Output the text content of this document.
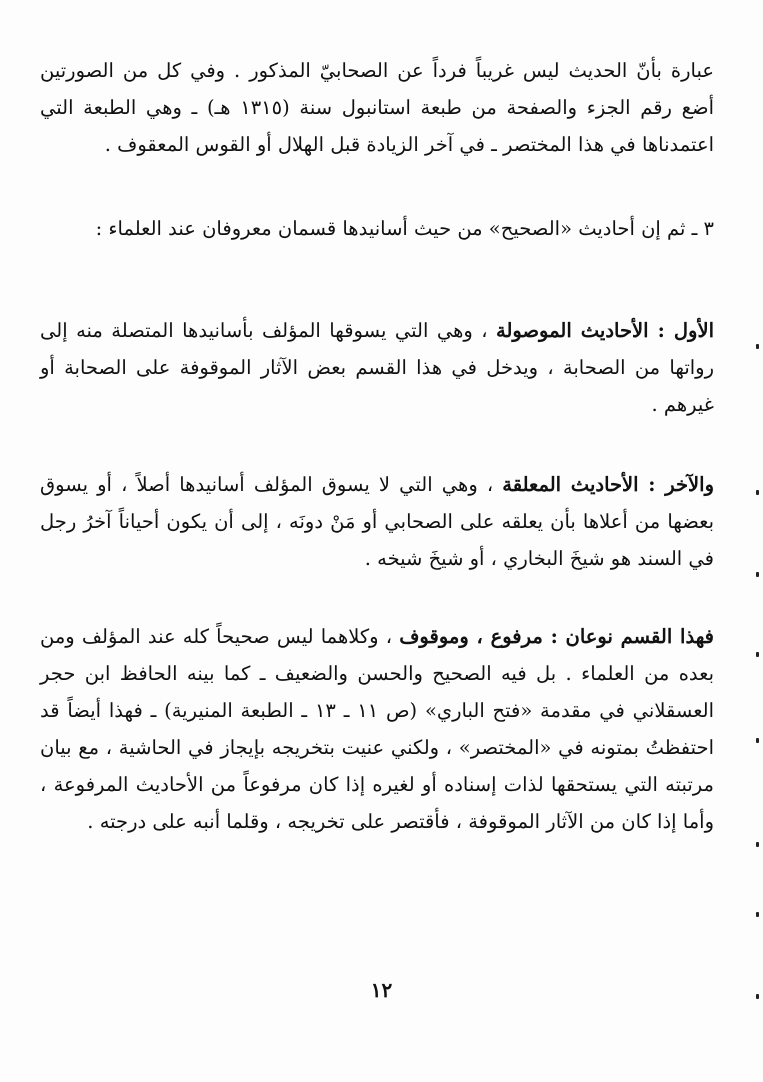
عبارة بأنّ الحديث ليس غريباً فرداً عن الصحابيّ المذكور . وفي كل من الصورتين أضع رقم الجزء والصفحة من طبعة استانبول سنة (١٣١٥ هـ) ـ وهي الطبعة التي اعتمدناها في هذا المختصر ـ في آخر الزيادة قبل الهلال أو القوس المعقوف .

٣ ـ ثم إن أحاديث «الصحيح» من حيث أسانيدها قسمان معروفان عند العلماء :

الأول : الأحاديث الموصولة ، وهي التي يسوقها المؤلف بأسانيدها المتصلة منه إلى رواتها من الصحابة ، ويدخل في هذا القسم بعض الآثار الموقوفة على الصحابة أو غيرهم .

والآخر : الأحاديث المعلقة ، وهي التي لا يسوق المؤلف أسانيدها أصلاً ، أو يسوق بعضها من أعلاها بأن يعلقه على الصحابي أو مَنْ دونَه ، إلى أن يكون أحياناً آخرُ رجل في السند هو شيخَ البخاري ، أو شيخَ شيخه .

فهذا القسم نوعان : مرفوع ، وموقوف ، وكلاهما ليس صحيحاً كله عند المؤلف ومن بعده من العلماء . بل فيه الصحيح والحسن والضعيف ـ كما بينه الحافظ ابن حجر العسقلاني في مقدمة «فتح الباري» (ص ١١ ـ ١٣ ـ الطبعة المنيرية) ـ فهذا أيضاً قد احتفظتُ بمتونه في «المختصر» ، ولكني عنيت بتخريجه بإيجاز في الحاشية ، مع بيان مرتبته التي يستحقها لذات إسناده أو لغيره إذا كان مرفوعاً من الأحاديث المرفوعة ، وأما إذا كان من الآثار الموقوفة ، فأقتصر على تخريجه ، وقلما أنبه على درجته .

١٢
